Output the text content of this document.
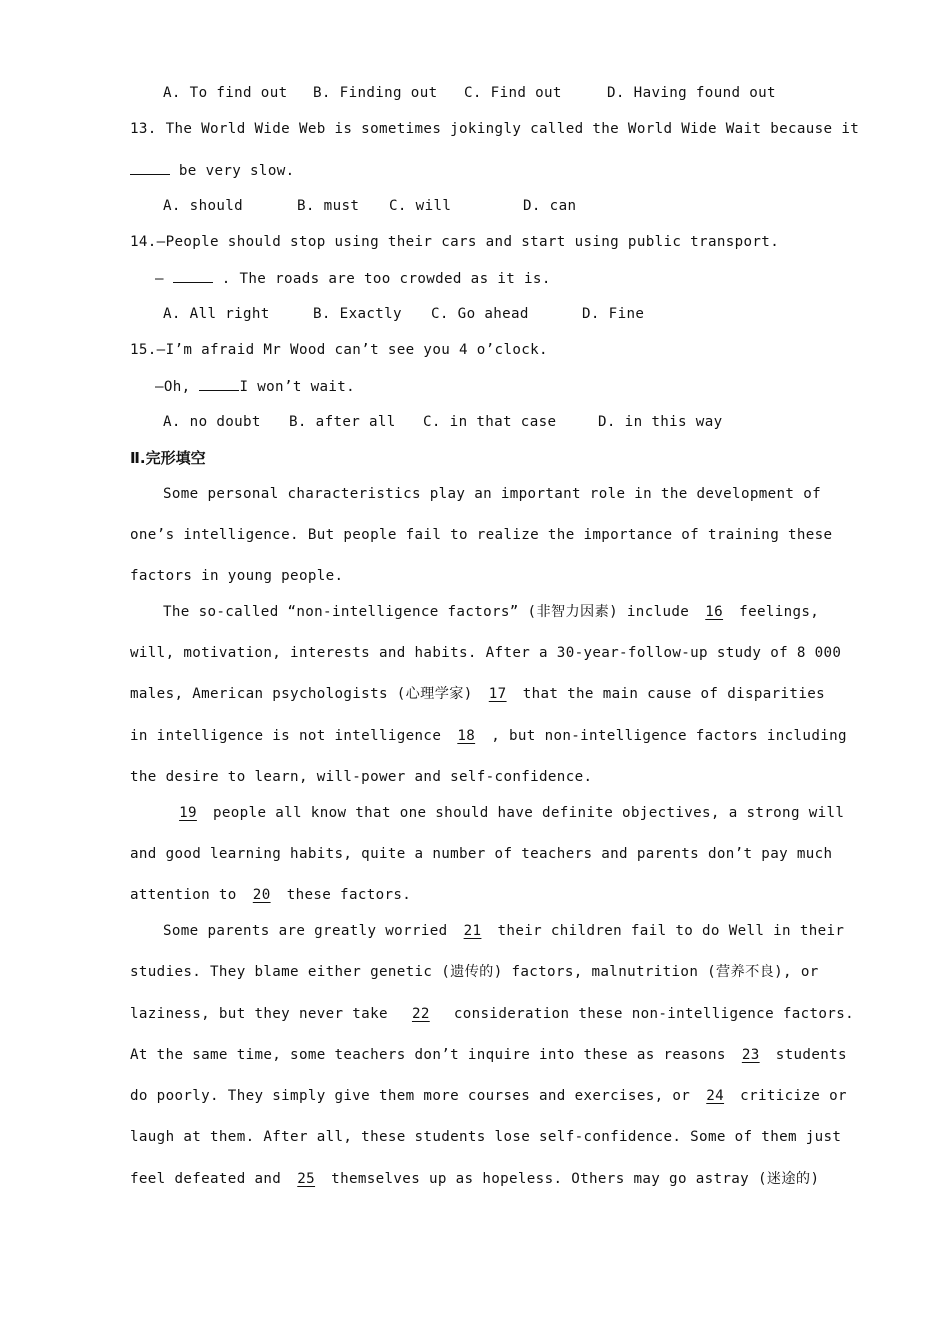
A. To find out B. Finding out C. Find out	D. Having found out
13. The World Wide Web is sometimes jokingly called the World Wide Wait because it
be very slow.
A. should	B. must C. will	D. can
14.—People should stop using their cars and start using public transport.
—	. The roads are too crowded as it is.
A. All right	B. Exactly C. Go ahead	D. Fine
15.—I’m afraid Mr Wood can’t see you 4 o’clock.
—Oh,	I won’t wait.
A. no doubt B. after all C. in that case	D. in this way
Ⅱ.完形填空
Some personal characteristics play an important role in the development of
one’s intelligence. But people fail to realize the importance of training these
factors in young people.
The so-called “non-intelligence factors” (非智力因素) include 16 feelings,
will, motivation, interests and habits. After a 30-year-follow-up study of 8 000
males, American psychologists (心理学家) 17 that the main cause of disparities
in intelligence is not intelligence 18 , but non-intelligence factors including
the desire to learn, will-power and self-confidence.
19 people all know that one should have definite objectives, a strong will
and good learning habits, quite a number of teachers and parents don’t pay much
attention to 20 these factors.
Some parents are greatly worried 21 their children fail to do Well in their
studies. They blame either genetic (遗传的) factors, malnutrition (营养不良), or
laziness, but they never take 22 consideration these non-intelligence factors.
At the same time, some teachers don’t inquire into these as reasons 23 students
do poorly. They simply give them more courses and exercises, or 24 criticize or
laugh at them. After all, these students lose self-confidence. Some of them just
feel defeated and 25 themselves up as hopeless. Others may go astray (迷途的)
